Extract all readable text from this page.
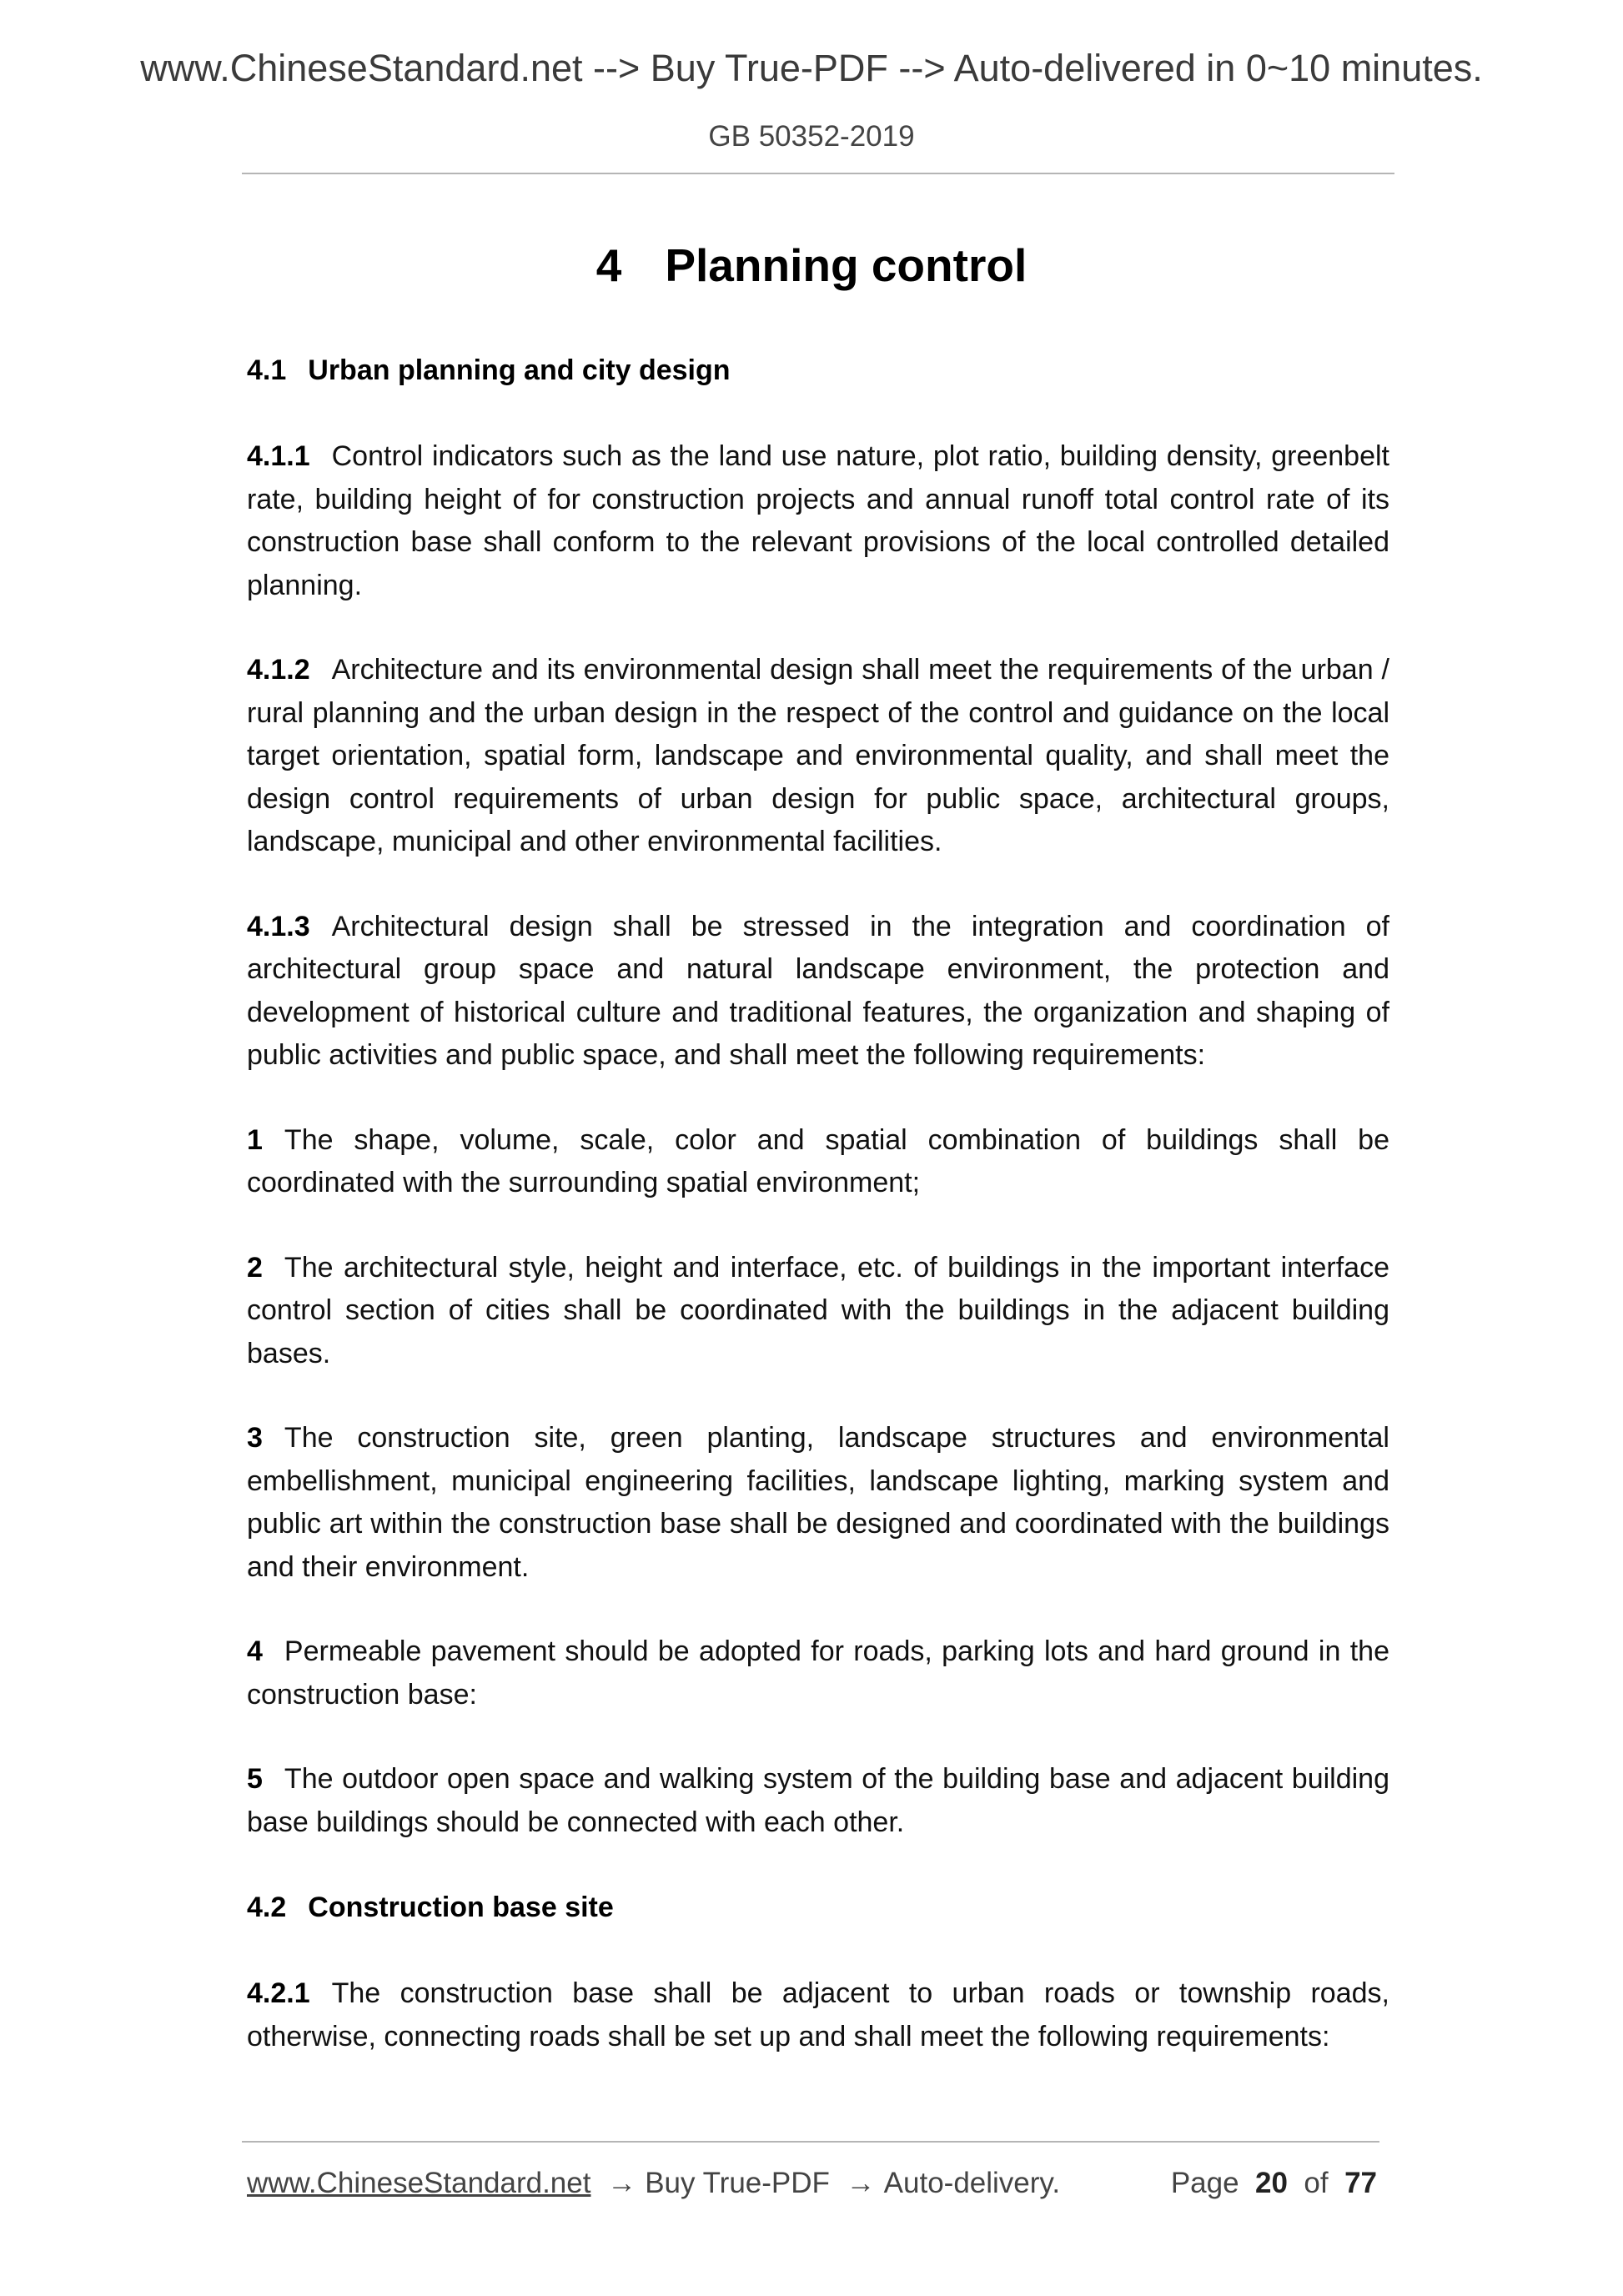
www.ChineseStandard.net --> Buy True-PDF --> Auto-delivered in 0~10 minutes.
GB 50352-2019
4 Planning control
4.1 Urban planning and city design

4.1.1 Control indicators such as the land use nature, plot ratio, building density, greenbelt rate, building height of for construction projects and annual runoff total control rate of its construction base shall conform to the relevant provisions of the local controlled detailed planning.

4.1.2 Architecture and its environmental design shall meet the requirements of the urban / rural planning and the urban design in the respect of the control and guidance on the local target orientation, spatial form, landscape and environmental quality, and shall meet the design control requirements of urban design for public space, architectural groups, landscape, municipal and other environmental facilities.

4.1.3 Architectural design shall be stressed in the integration and coordination of architectural group space and natural landscape environment, the protection and development of historical culture and traditional features, the organization and shaping of public activities and public space, and shall meet the following requirements:

1 The shape, volume, scale, color and spatial combination of buildings shall be coordinated with the surrounding spatial environment;

2 The architectural style, height and interface, etc. of buildings in the important interface control section of cities shall be coordinated with the buildings in the adjacent building bases.

3 The construction site, green planting, landscape structures and environmental embellishment, municipal engineering facilities, landscape lighting, marking system and public art within the construction base shall be designed and coordinated with the buildings and their environment.

4 Permeable pavement should be adopted for roads, parking lots and hard ground in the construction base:

5 The outdoor open space and walking system of the building base and adjacent building base buildings should be connected with each other.

4.2 Construction base site

4.2.1 The construction base shall be adjacent to urban roads or township roads, otherwise, connecting roads shall be set up and shall meet the following requirements:

www.ChineseStandard.net → Buy True-PDF → Auto-delivery.	Page 20 of 77
